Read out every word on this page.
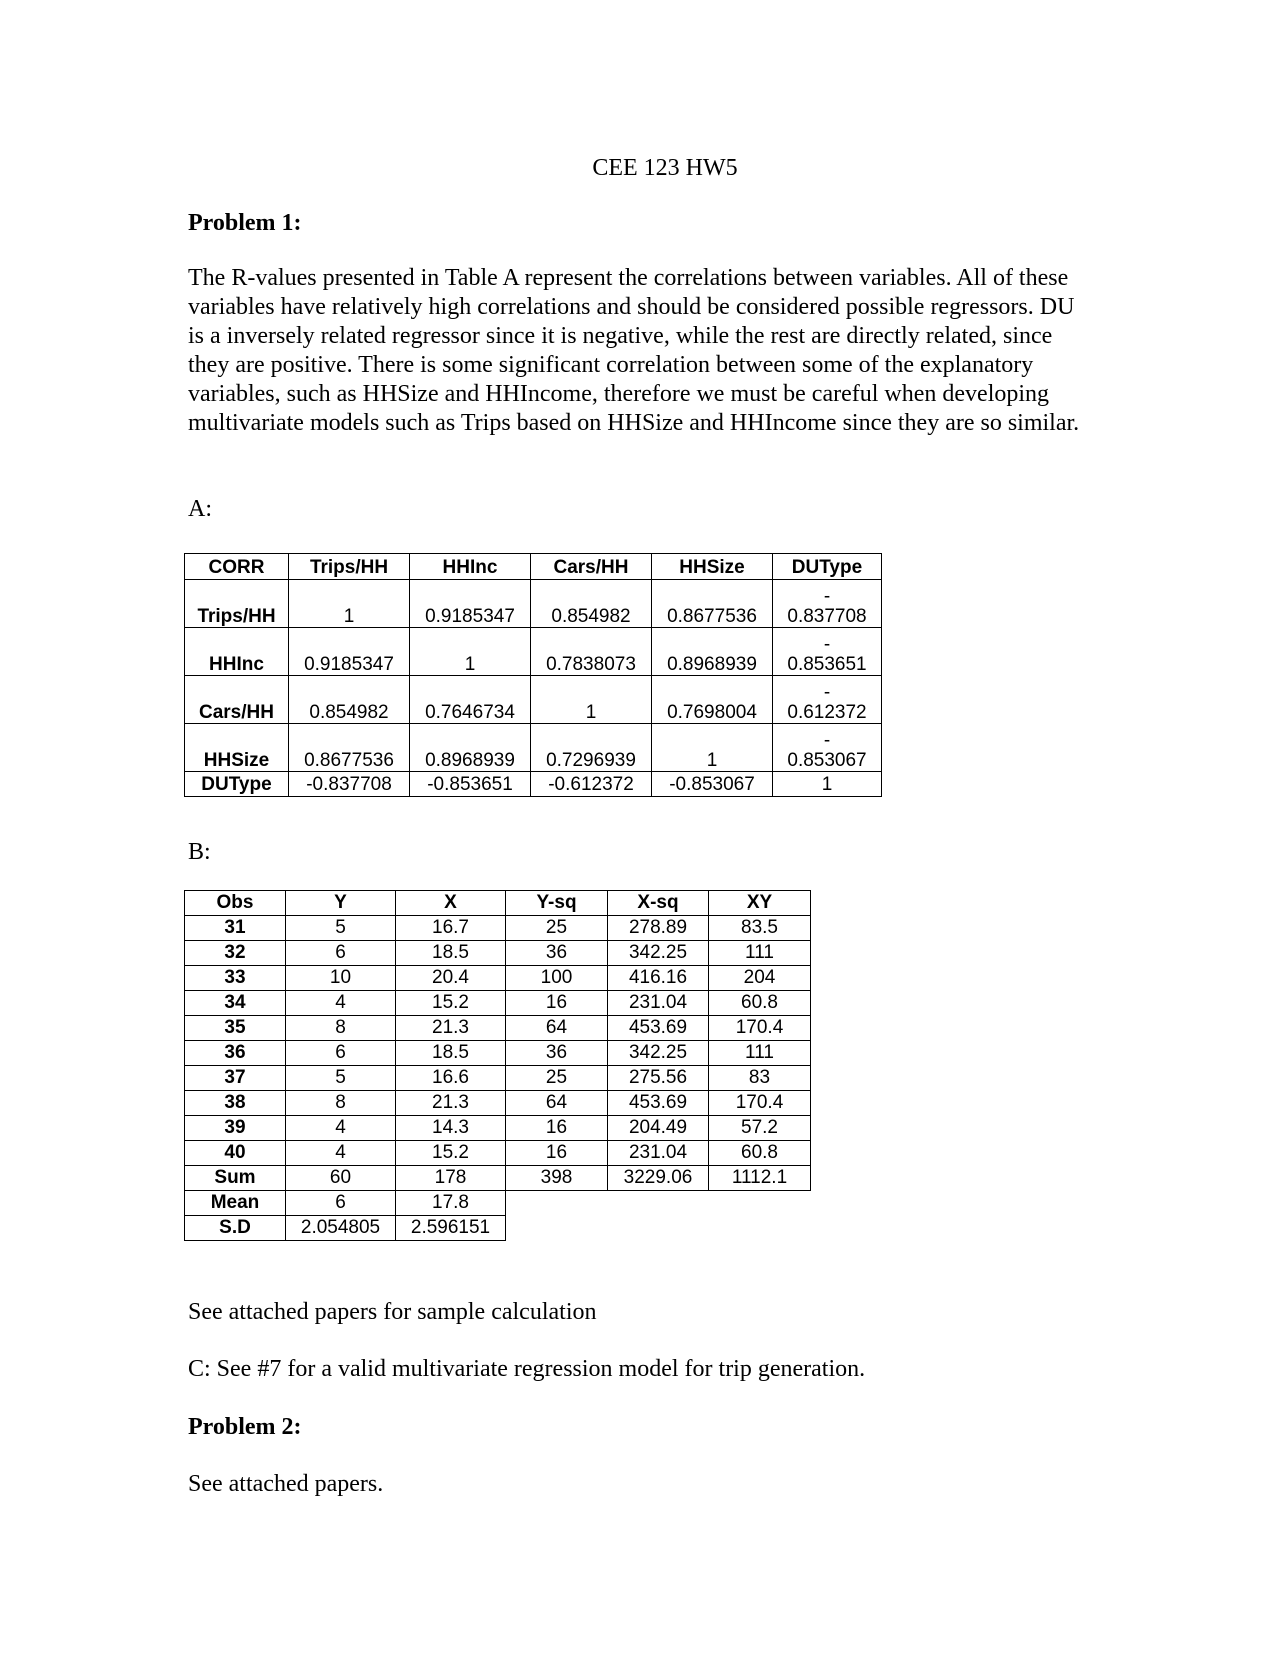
CEE 123 HW5
Problem 1:
The R-values presented in Table A represent the correlations between variables. All of these variables have relatively high correlations and should be considered possible regressors. DU is a inversely related regressor since it is negative, while the rest are directly related, since they are positive. There is some significant correlation between some of the explanatory variables, such as HHSize and HHIncome, therefore we must be careful when developing multivariate models such as Trips based on HHSize and HHIncome since they are so similar.
A:
CORR	Trips/HH	HHInc	Cars/HH	HHSize	DUType
Trips/HH	1	0.9185347	0.854982	0.8677536	-
0.837708
HHInc	0.9185347	1	0.7838073	0.8968939	-
0.853651
Cars/HH	0.854982	0.7646734	1	0.7698004	-
0.612372
HHSize	0.8677536	0.8968939	0.7296939	1	-
0.853067
DUType	-0.837708	-0.853651	-0.612372	-0.853067	1
B:
Obs	Y	X	Y-sq	X-sq	XY
31	5	16.7	25	278.89	83.5
32	6	18.5	36	342.25	111
33	10	20.4	100	416.16	204
34	4	15.2	16	231.04	60.8
35	8	21.3	64	453.69	170.4
36	6	18.5	36	342.25	111
37	5	16.6	25	275.56	83
38	8	21.3	64	453.69	170.4
39	4	14.3	16	204.49	57.2
40	4	15.2	16	231.04	60.8
Sum	60	178	398	3229.06	1112.1
Mean	6	17.8			
S.D	2.054805	2.596151			
See attached papers for sample calculation
C: See #7 for a valid multivariate regression model for trip generation.
Problem 2:
See attached papers.
